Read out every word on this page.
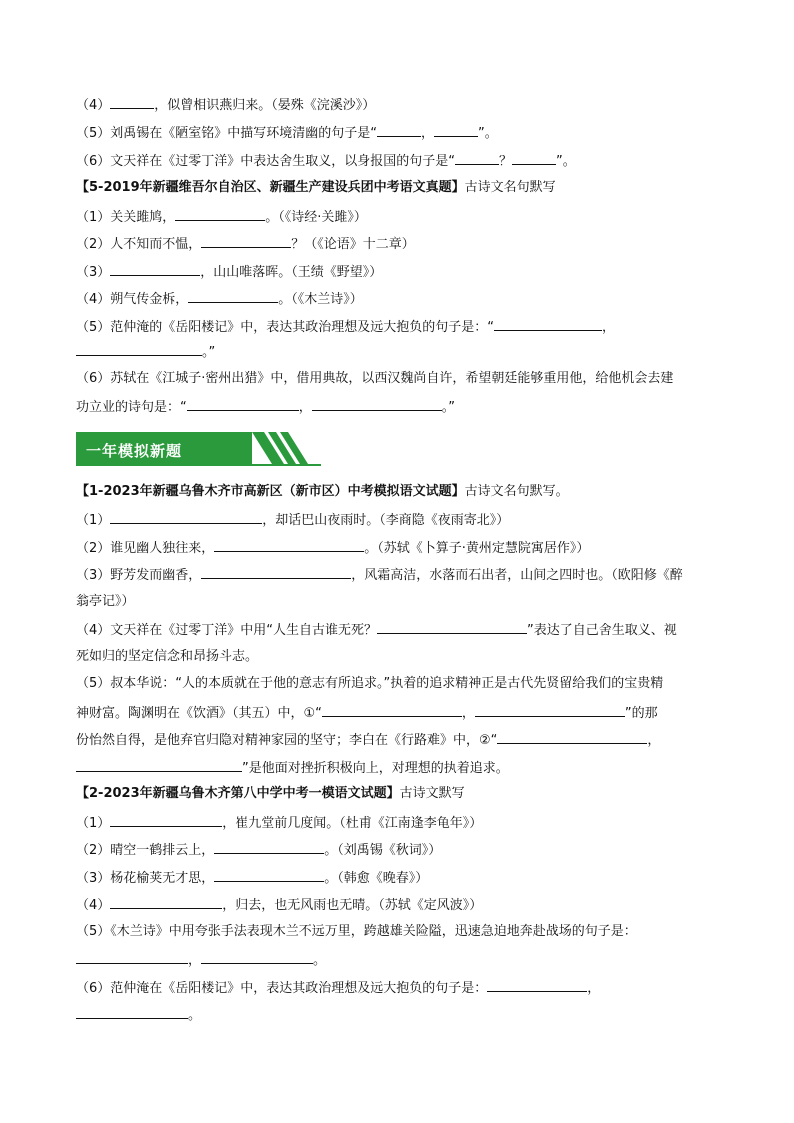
（4）	，似曾相识燕归来。（晏殊《浣溪沙》）
（5）刘禹锡在《陋室铭》中描写环境清幽的句子是“	，	”。
（6）文天祥在《过零丁洋》中表达舍生取义，以身报国的句子是“	？	”。
【5-2019年新疆维吾尔自治区、新疆生产建设兵团中考语文真题】古诗文名句默写
（1）关关雎鸠，	。（《诗经·关雎》）
（2）人不知而不愠，	？（《论语》十二章）
（3）	，山山唯落晖。（王绩《野望》）
（4）朔气传金柝，	。（《木兰诗》）
（5）范仲淹的《岳阳楼记》中，表达其政治理想及远大抱负的句子是：“	，
。”
（6）苏轼在《江城子·密州出猎》中，借用典故，以西汉魏尚自许，希望朝廷能够重用他，给他机会去建
功立业的诗句是：“	，	。”
一年模拟新题
【1-2023年新疆乌鲁木齐市高新区（新市区）中考模拟语文试题】古诗文名句默写。
（1）	，却话巴山夜雨时。（李商隐《夜雨寄北》）
（2）谁见幽人独往来，	。（苏轼《卜算子·黄州定慧院寓居作》）
（3）野芳发而幽香，	，风霜高洁，水落而石出者，山间之四时也。（欧阳修《醉
翁亭记》）
（4）文天祥在《过零丁洋》中用“人生自古谁无死？	”表达了自己舍生取义、视
死如归的坚定信念和昂扬斗志。
（5）叔本华说：“人的本质就在于他的意志有所追求。”执着的追求精神正是古代先贤留给我们的宝贵精
神财富。陶渊明在《饮酒》（其五）中，①“	，	”的那
份怡然自得，是他弃官归隐对精神家园的坚守；李白在《行路难》中，②“	，
”是他面对挫折积极向上，对理想的执着追求。
【2-2023年新疆乌鲁木齐第八中学中考一模语文试题】古诗文默写
（1）	，崔九堂前几度闻。（杜甫《江南逢李龟年》）
（2）晴空一鹤排云上，	。（刘禹锡《秋词》）
（3）杨花榆荚无才思，	。（韩愈《晚春》）
（4）	，归去，也无风雨也无晴。（苏轼《定风波》）
（5）《木兰诗》中用夸张手法表现木兰不远万里，跨越雄关险隘，迅速急迫地奔赴战场的句子是：
，	。
（6）范仲淹在《岳阳楼记》中，表达其政治理想及远大抱负的句子是：	，
。
